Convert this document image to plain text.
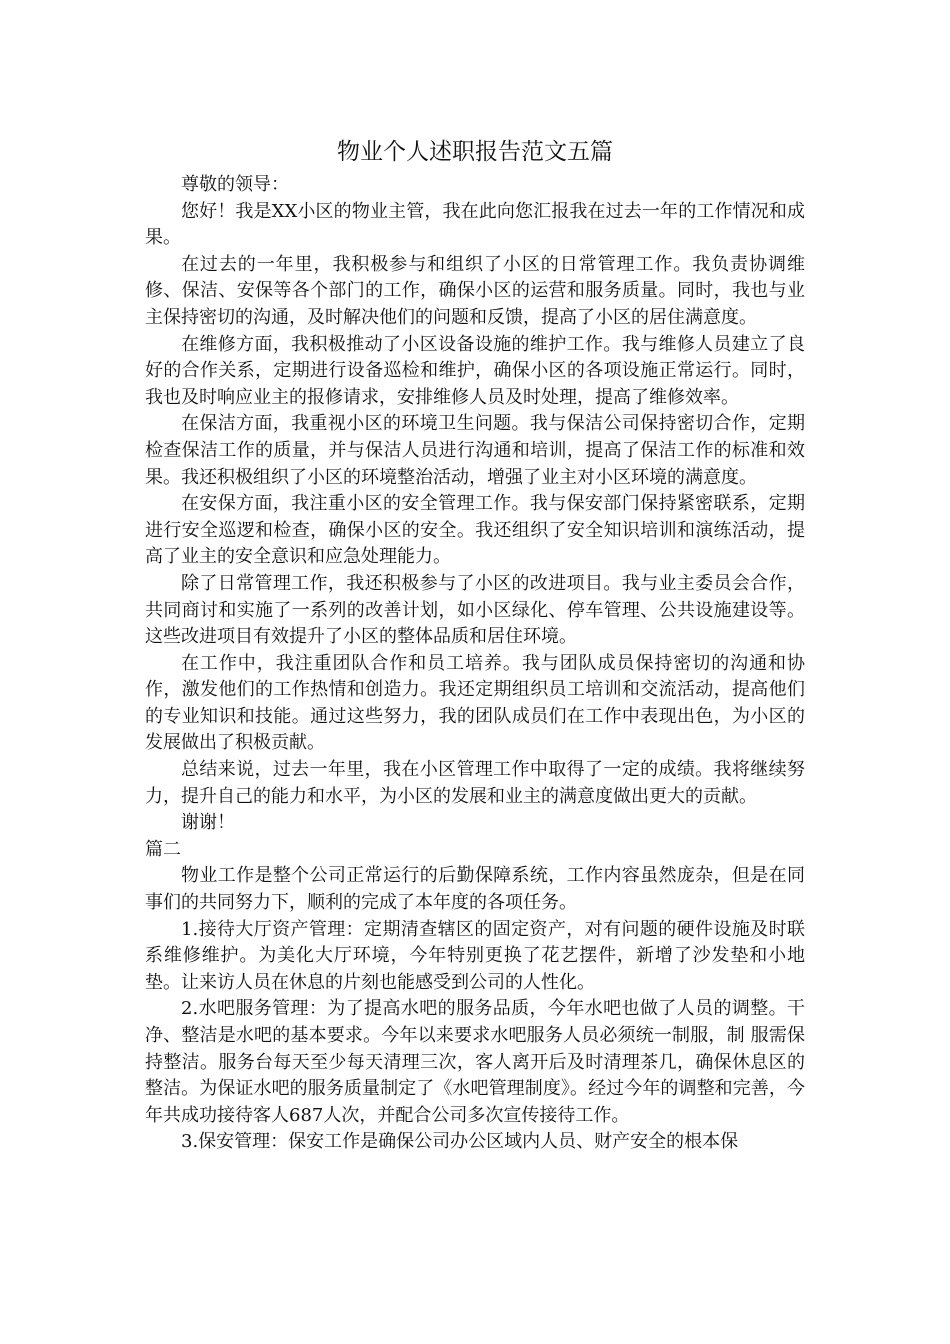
物业个人述职报告范文五篇

尊敬的领导：

您好！我是XX小区的物业主管，我在此向您汇报我在过去一年的工作情况和成果。

在过去的一年里，我积极参与和组织了小区的日常管理工作。我负责协调维修、保洁、安保等各个部门的工作，确保小区的运营和服务质量。同时，我也与业主保持密切的沟通，及时解决他们的问题和反馈，提高了小区的居住满意度。

在维修方面，我积极推动了小区设备设施的维护工作。我与维修人员建立了良好的合作关系，定期进行设备巡检和维护，确保小区的各项设施正常运行。同时，我也及时响应业主的报修请求，安排维修人员及时处理，提高了维修效率。

在保洁方面，我重视小区的环境卫生问题。我与保洁公司保持密切合作，定期检查保洁工作的质量，并与保洁人员进行沟通和培训，提高了保洁工作的标准和效果。我还积极组织了小区的环境整治活动，增强了业主对小区环境的满意度。

在安保方面，我注重小区的安全管理工作。我与保安部门保持紧密联系，定期进行安全巡逻和检查，确保小区的安全。我还组织了安全知识培训和演练活动，提高了业主的安全意识和应急处理能力。

除了日常管理工作，我还积极参与了小区的改进项目。我与业主委员会合作，共同商讨和实施了一系列的改善计划，如小区绿化、停车管理、公共设施建设等。这些改进项目有效提升了小区的整体品质和居住环境。

在工作中，我注重团队合作和员工培养。我与团队成员保持密切的沟通和协作，激发他们的工作热情和创造力。我还定期组织员工培训和交流活动，提高他们的专业知识和技能。通过这些努力，我的团队成员们在工作中表现出色，为小区的发展做出了积极贡献。

总结来说，过去一年里，我在小区管理工作中取得了一定的成绩。我将继续努力，提升自己的能力和水平，为小区的发展和业主的满意度做出更大的贡献。

谢谢！

篇二

物业工作是整个公司正常运行的后勤保障系统，工作内容虽然庞杂，但是在同事们的共同努力下，顺利的完成了本年度的各项任务。

1.接待大厅资产管理：定期清查辖区的固定资产，对有问题的硬件设施及时联系维修维护。为美化大厅环境，今年特别更换了花艺摆件，新增了沙发垫和小地垫。让来访人员在休息的片刻也能感受到公司的人性化。

2.水吧服务管理：为了提高水吧的服务品质，今年水吧也做了人员的调整。干净、整洁是水吧的基本要求。今年以来要求水吧服务人员必须统一制服，制 服需保持整洁。服务台每天至少每天清理三次，客人离开后及时清理茶几，确保休息区的整洁。为保证水吧的服务质量制定了《水吧管理制度》。经过今年的调整和完善，今年共成功接待客人687人次，并配合公司多次宣传接待工作。

3.保安管理：保安工作是确保公司办公区域内人员、财产安全的根本保
